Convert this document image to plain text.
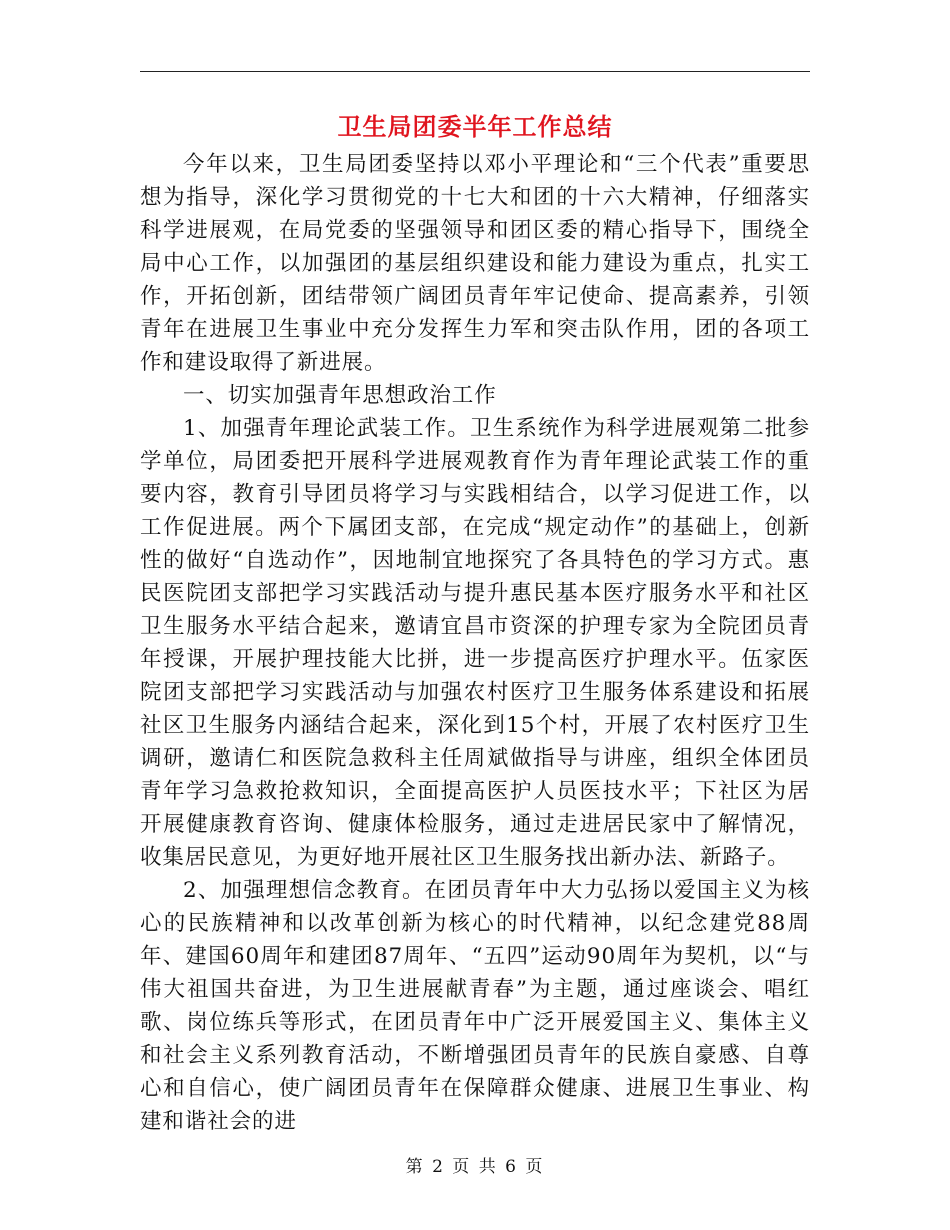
卫生局团委半年工作总结

今年以来，卫生局团委坚持以邓小平理论和“三个代表”重要思想为指导，深化学习贯彻党的十七大和团的十六大精神，仔细落实科学进展观，在局党委的坚强领导和团区委的精心指导下，围绕全局中心工作，以加强团的基层组织建设和能力建设为重点，扎实工作，开拓创新，团结带领广阔团员青年牢记使命、提高素养，引领青年在进展卫生事业中充分发挥生力军和突击队作用，团的各项工作和建设取得了新进展。

一、切实加强青年思想政治工作

1、加强青年理论武装工作。卫生系统作为科学进展观第二批参学单位，局团委把开展科学进展观教育作为青年理论武装工作的重要内容，教育引导团员将学习与实践相结合，以学习促进工作，以工作促进展。两个下属团支部，在完成“规定动作”的基础上，创新性的做好“自选动作”，因地制宜地探究了各具特色的学习方式。惠民医院团支部把学习实践活动与提升惠民基本医疗服务水平和社区卫生服务水平结合起来，邀请宜昌市资深的护理专家为全院团员青年授课，开展护理技能大比拼，进一步提高医疗护理水平。伍家医院团支部把学习实践活动与加强农村医疗卫生服务体系建设和拓展社区卫生服务内涵结合起来，深化到15个村，开展了农村医疗卫生调研，邀请仁和医院急救科主任周斌做指导与讲座，组织全体团员青年学习急救抢救知识，全面提高医护人员医技水平；下社区为居开展健康教育咨询、健康体检服务，通过走进居民家中了解情况，收集居民意见，为更好地开展社区卫生服务找出新办法、新路子。

2、加强理想信念教育。在团员青年中大力弘扬以爱国主义为核心的民族精神和以改革创新为核心的时代精神，以纪念建党88周年、建国60周年和建团87周年、“五四”运动90周年为契机，以“与伟大祖国共奋进，为卫生进展献青春”为主题，通过座谈会、唱红歌、岗位练兵等形式，在团员青年中广泛开展爱国主义、集体主义和社会主义系列教育活动，不断增强团员青年的民族自豪感、自尊心和自信心，使广阔团员青年在保障群众健康、进展卫生事业、构建和谐社会的进

第 2 页 共 6 页
